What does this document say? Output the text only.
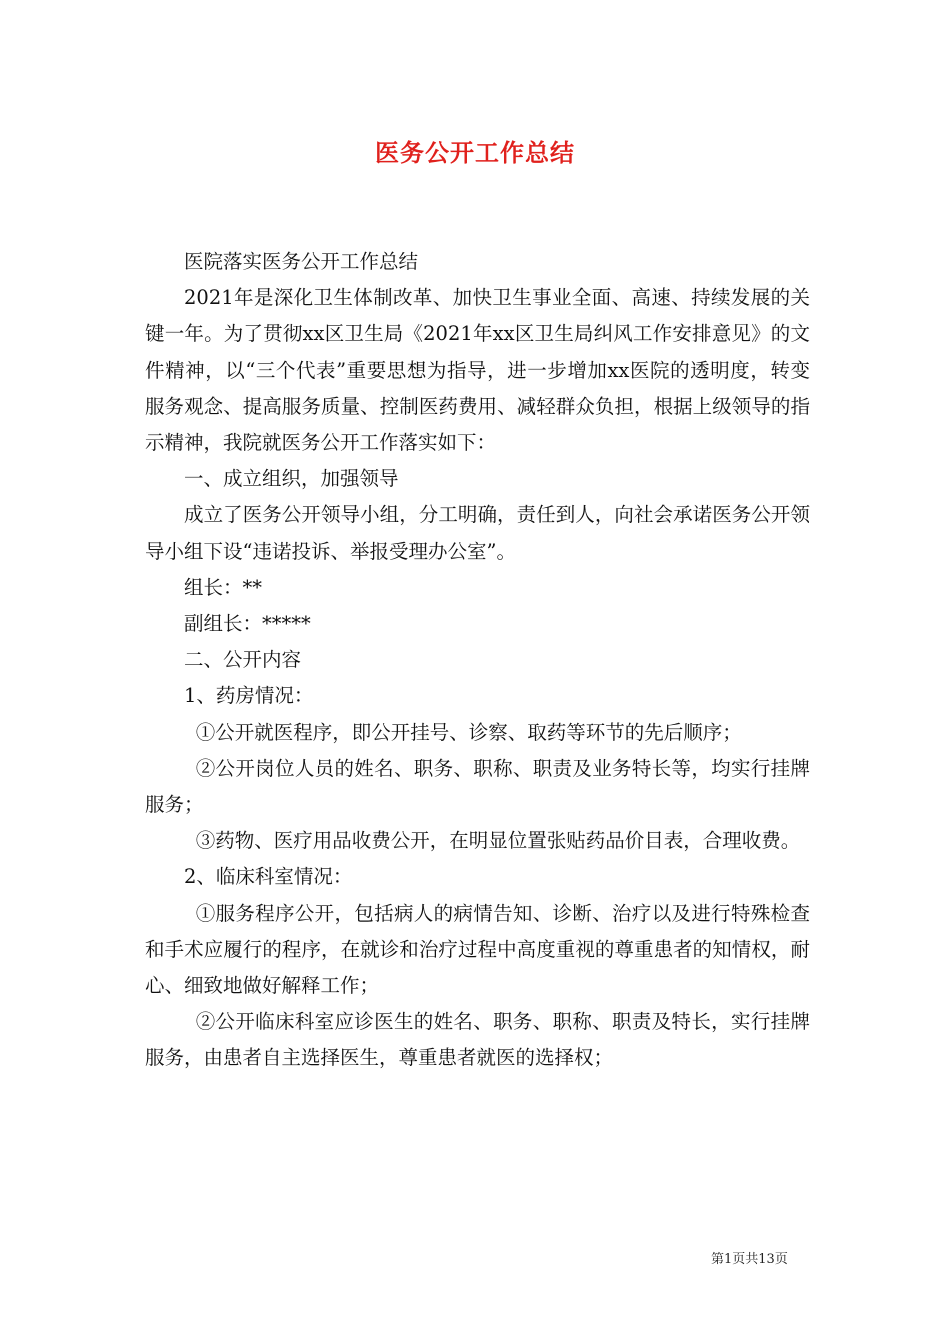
医务公开工作总结

医院落实医务公开工作总结

2021年是深化卫生体制改革、加快卫生事业全面、高速、持续发展的关键一年。为了贯彻xx区卫生局《2021年xx区卫生局纠风工作安排意见》的文件精神，以“三个代表”重要思想为指导，进一步增加xx医院的透明度，转变服务观念、提高服务质量、控制医药费用、减轻群众负担，根据上级领导的指示精神，我院就医务公开工作落实如下：

一、成立组织，加强领导

成立了医务公开领导小组，分工明确，责任到人，向社会承诺医务公开领导小组下设“违诺投诉、举报受理办公室”。

组长：**

副组长：*****

二、公开内容

1、药房情况：

①公开就医程序，即公开挂号、诊察、取药等环节的先后顺序；

②公开岗位人员的姓名、职务、职称、职责及业务特长等，均实行挂牌服务；

③药物、医疗用品收费公开，在明显位置张贴药品价目表，合理收费。

2、临床科室情况：

①服务程序公开，包括病人的病情告知、诊断、治疗以及进行特殊检查和手术应履行的程序，在就诊和治疗过程中高度重视的尊重患者的知情权，耐心、细致地做好解释工作；

②公开临床科室应诊医生的姓名、职务、职称、职责及特长，实行挂牌服务，由患者自主选择医生，尊重患者就医的选择权；

第1页共13页
